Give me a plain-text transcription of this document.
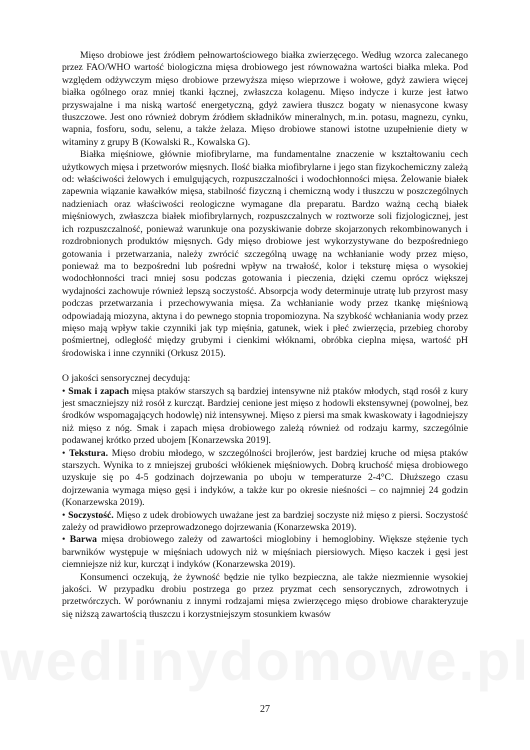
Mięso drobiowe jest źródłem pełnowartościowego białka zwierzęcego. Według wzorca zalecanego przez FAO/WHO wartość biologiczna mięsa drobiowego jest równoważna wartości białka mleka. Pod względem odżywczym mięso drobiowe przewyższa mięso wieprzowe i wołowe, gdyż zawiera więcej białka ogólnego oraz mniej tkanki łącznej, zwłaszcza kolagenu. Mięso indycze i kurze jest łatwo przyswajalne i ma niską wartość energetyczną, gdyż zawiera tłuszcz bogaty w nienasycone kwasy tłuszczowe. Jest ono również dobrym źródłem składników mineralnych, m.in. potasu, magnezu, cynku, wapnia, fosforu, sodu, selenu, a także żelaza. Mięso drobiowe stanowi istotne uzupełnienie diety w witaminy z grupy B (Kowalski R., Kowalska G).

Białka mięśniowe, głównie miofibrylarne, ma fundamentalne znaczenie w kształtowaniu cech użytkowych mięsa i przetworów mięsnych. Ilość białka miofibrylarne i jego stan fizykochemiczny zależą od: właściwości żelowych i emulgujących, rozpuszczalności i wodochłonności mięsa. Żelowanie białek zapewnia wiązanie kawałków mięsa, stabilność fizyczną i chemiczną wody i tłuszczu w poszczególnych nadzieniach oraz właściwości reologiczne wymagane dla preparatu. Bardzo ważną cechą białek mięśniowych, zwłaszcza białek miofibrylarnych, rozpuszczalnych w roztworze soli fizjologicznej, jest ich rozpuszczalność, ponieważ warunkuje ona pozyskiwanie dobrze skojarzonych rekombinowanych i rozdrobnionych produktów mięsnych. Gdy mięso drobiowe jest wykorzystywane do bezpośredniego gotowania i przetwarzania, należy zwrócić szczególną uwagę na wchłanianie wody przez mięso, ponieważ ma to bezpośredni lub pośredni wpływ na trwałość, kolor i teksturę mięsa o wysokiej wodochłonności traci mniej sosu podczas gotowania i pieczenia, dzięki czemu oprócz większej wydajności zachowuje również lepszą soczystość. Absorpcja wody determinuje utratę lub przyrost masy podczas przetwarzania i przechowywania mięsa. Za wchłanianie wody przez tkankę mięśniową odpowiadają miozyna, aktyna i do pewnego stopnia tropomiozyna. Na szybkość wchłaniania wody przez mięso mają wpływ takie czynniki jak typ mięśnia, gatunek, wiek i płeć zwierzęcia, przebieg choroby pośmiertnej, odległość między grubymi i cienkimi włóknami, obróbka cieplna mięsa, wartość pH środowiska i inne czynniki (Orkusz 2015).

O jakości sensorycznej decydują:

• Smak i zapach mięsa ptaków starszych są bardziej intensywne niż ptaków młodych, stąd rosół z kury jest smaczniejszy niż rosół z kurcząt. Bardziej cenione jest mięso z hodowli ekstensywnej (powolnej, bez środków wspomagających hodowlę) niż intensywnej. Mięso z piersi ma smak kwaskowaty i łagodniejszy niż mięso z nóg. Smak i zapach mięsa drobiowego zależą również od rodzaju karmy, szczególnie podawanej krótko przed ubojem [Konarzewska 2019].

• Tekstura. Mięso drobiu młodego, w szczególności brojlerów, jest bardziej kruche od mięsa ptaków starszych. Wynika to z mniejszej grubości włókienek mięśniowych. Dobrą kruchość mięsa drobiowego uzyskuje się po 4-5 godzinach dojrzewania po uboju w temperaturze 2-4°C. Dłuższego czasu dojrzewania wymaga mięso gęsi i indyków, a także kur po okresie nieśności – co najmniej 24 godzin (Konarzewska 2019).

• Soczystość. Mięso z udek drobiowych uważane jest za bardziej soczyste niż mięso z piersi. Soczystość zależy od prawidłowo przeprowadzonego dojrzewania (Konarzewska 2019).

• Barwa mięsa drobiowego zależy od zawartości mioglobiny i hemoglobiny. Większe stężenie tych barwników występuje w mięśniach udowych niż w mięśniach piersiowych. Mięso kaczek i gęsi jest ciemniejsze niż kur, kurcząt i indyków (Konarzewska 2019).

Konsumenci oczekują, że żywność będzie nie tylko bezpieczna, ale także niezmiennie wysokiej jakości. W przypadku drobiu postrzega go przez pryzmat cech sensorycznych, zdrowotnych i przetwórczych. W porównaniu z innymi rodzajami mięsa zwierzęcego mięso drobiowe charakteryzuje się niższą zawartością tłuszczu i korzystniejszym stosunkiem kwasów

27
